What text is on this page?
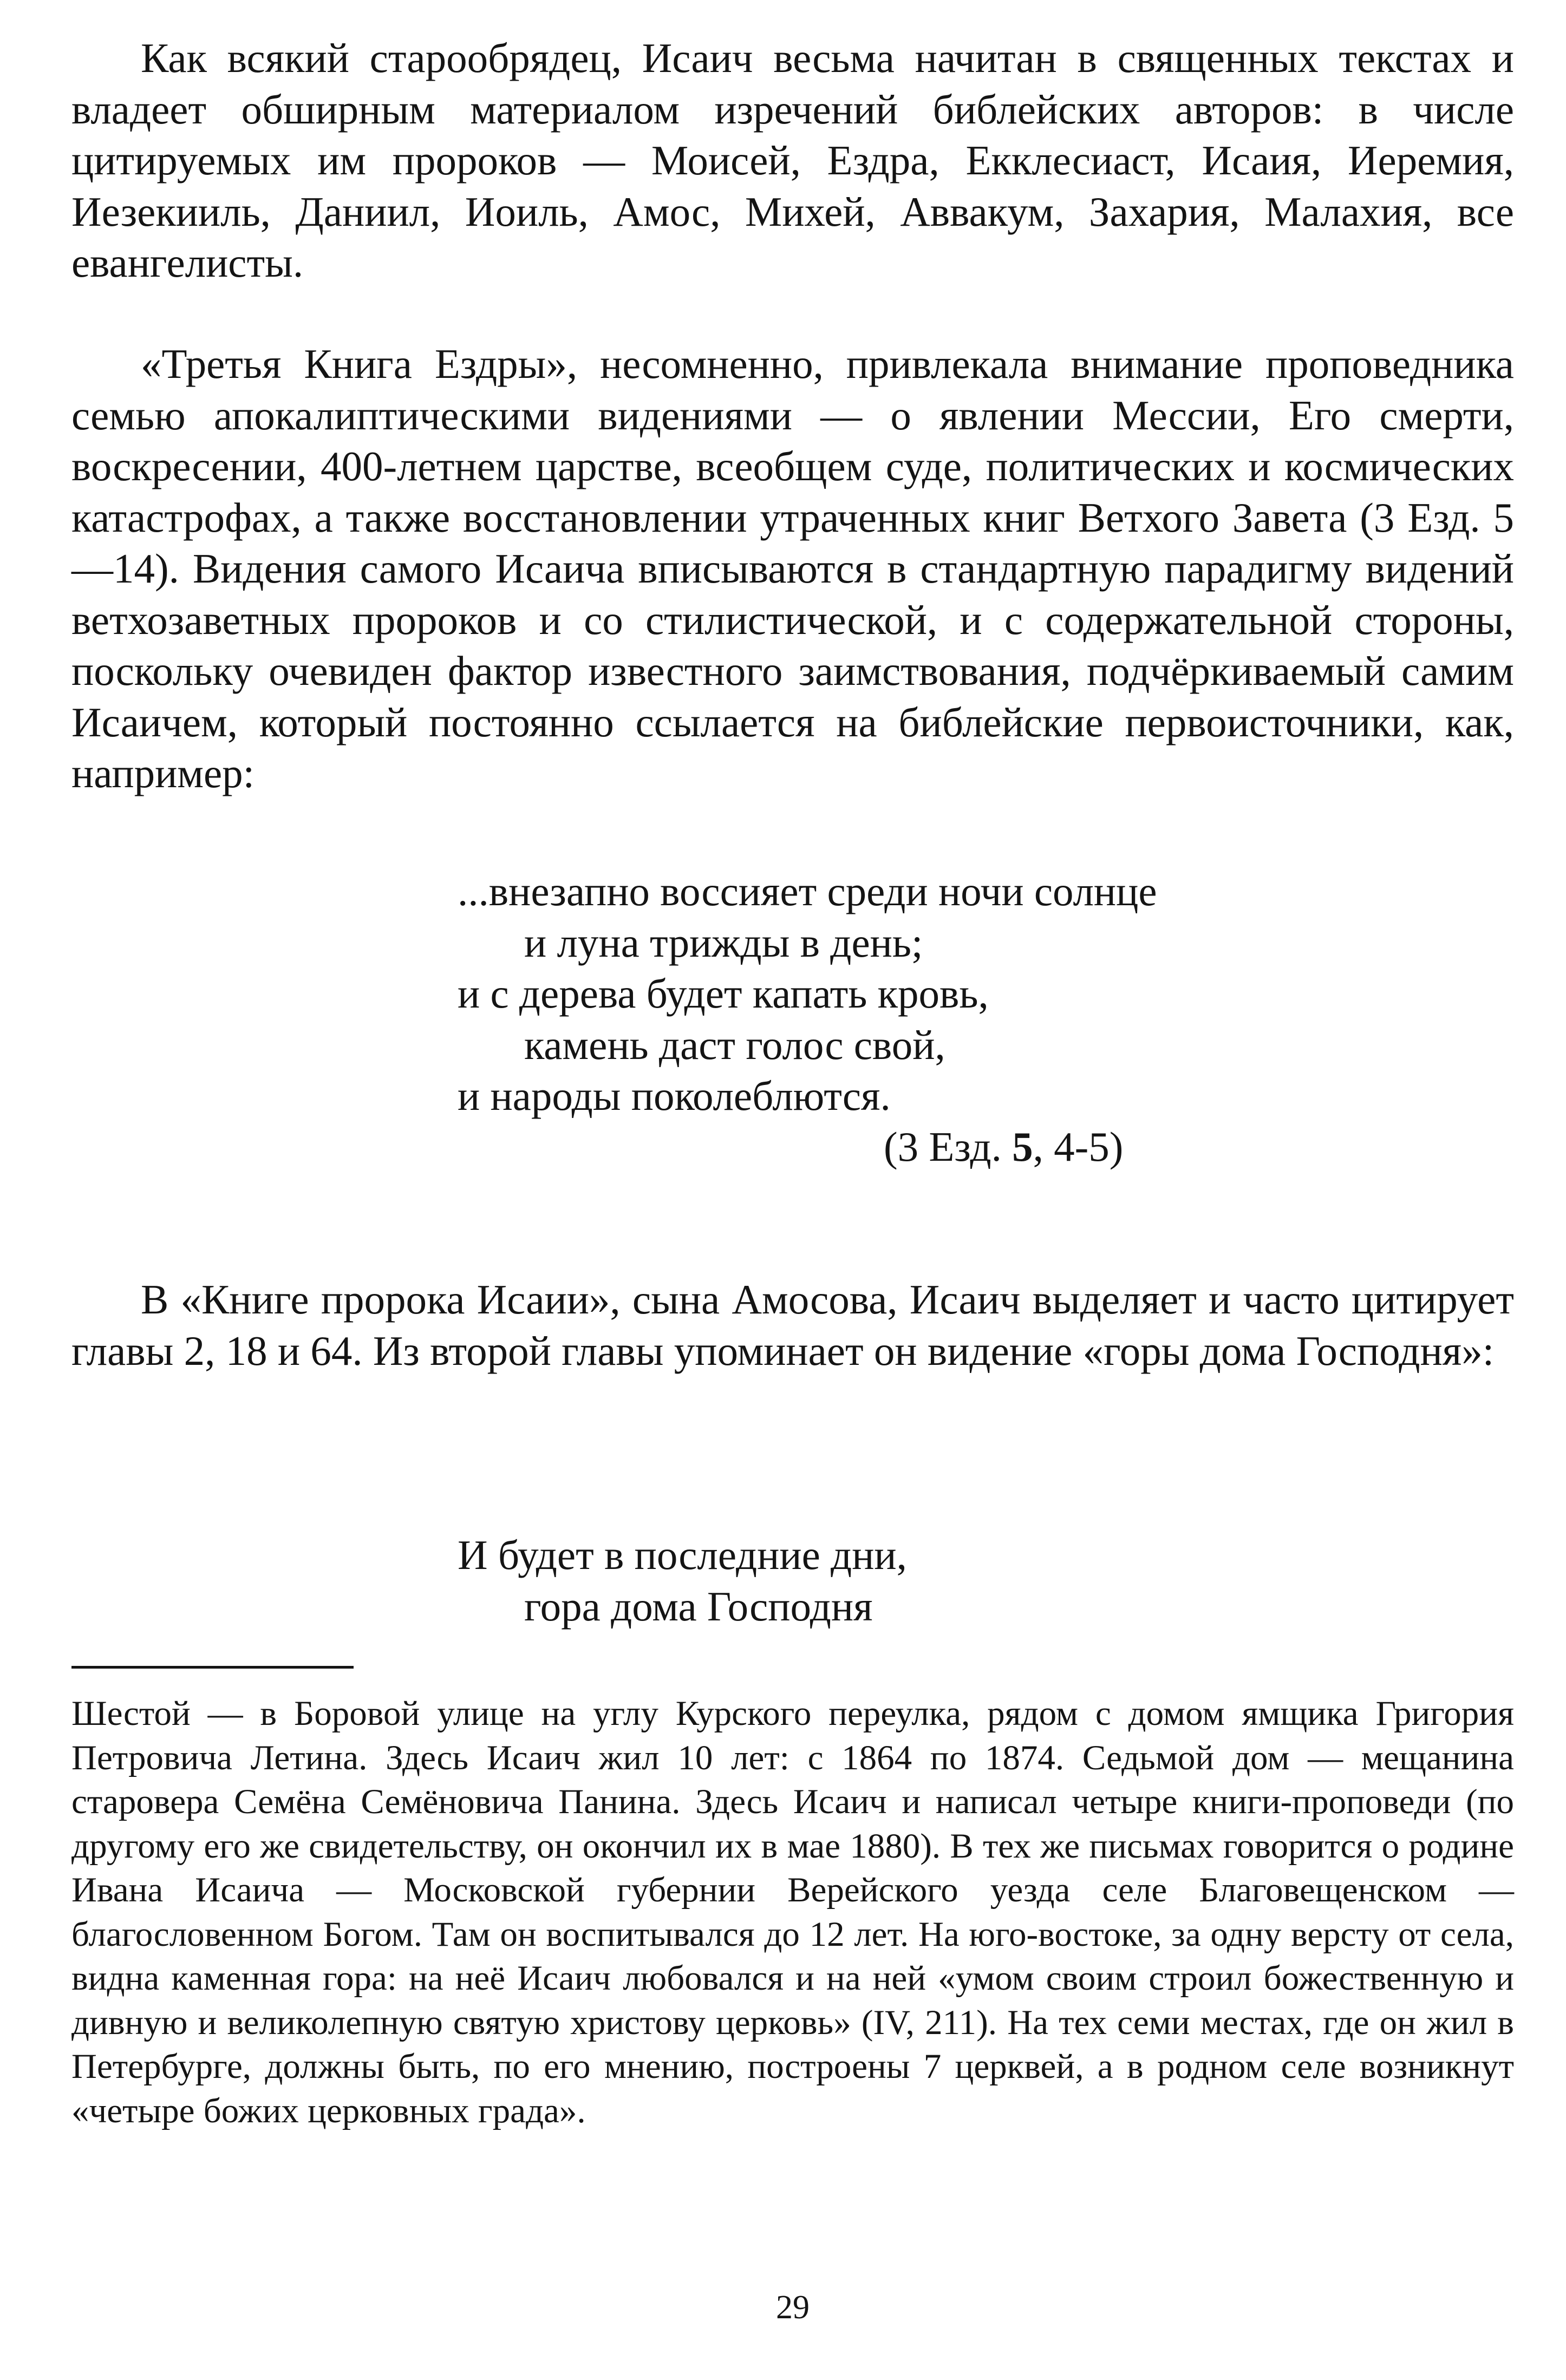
Как всякий старообрядец, Исаич весьма начитан в священных текстах и владеет обширным материалом изречений библейских авторов: в числе цитируемых им пророков — Моисей, Ездра, Екклесиаст, Исаия, Иеремия, Иезекииль, Даниил, Иоиль, Амос, Михей, Аввакум, Захария, Малахия, все евангелисты.

«Третья Книга Ездры», несомненно, привлекала внимание проповедника семью апокалиптическими видениями — о явлении Мессии, Его смерти, воскресении, 400-летнем царстве, всеобщем суде, политических и космических катастрофах, а также восстановлении утраченных книг Ветхого Завета (3 Езд. 5—14). Видения самого Исаича вписываются в стандартную парадигму видений ветхозаветных пророков и со стилистической, и с содержательной стороны, поскольку очевиден фактор известного заимствования, подчёркиваемый самим Исаичем, который постоянно ссылается на библейские первоисточники, как, например:

...внезапно воссияет среди ночи солнце
и луна трижды в день;
и с дерева будет капать кровь,
камень даст голос свой,
и народы поколеблются.

(3 Езд. 5, 4-5)

В «Книге пророка Исаии», сына Амосова, Исаич выделяет и часто цитирует главы 2, 18 и 64. Из второй главы упоминает он видение «горы дома Господня»:

И будет в последние дни,
гора дома Господня

Шестой — в Боровой улице на углу Курского переулка, рядом с домом ямщика Григория Петровича Летина. Здесь Исаич жил 10 лет: с 1864 по 1874. Седьмой дом — мещанина старовера Семёна Семёновича Панина. Здесь Исаич и написал четыре книги-проповеди (по другому его же свидетельству, он окончил их в мае 1880). В тех же письмах говорится о родине Ивана Исаича — Московской губернии Верейского уезда селе Благовещенском — благословенном Богом. Там он воспитывался до 12 лет. На юго-востоке, за одну версту от села, видна каменная гора: на неё Исаич любовался и на ней «умом своим строил божественную и дивную и великолепную святую христову церковь» (IV, 211). На тех семи местах, где он жил в Петербурге, должны быть, по его мнению, построены 7 церквей, а в родном селе возникнут «четыре божих церковных града».

29
